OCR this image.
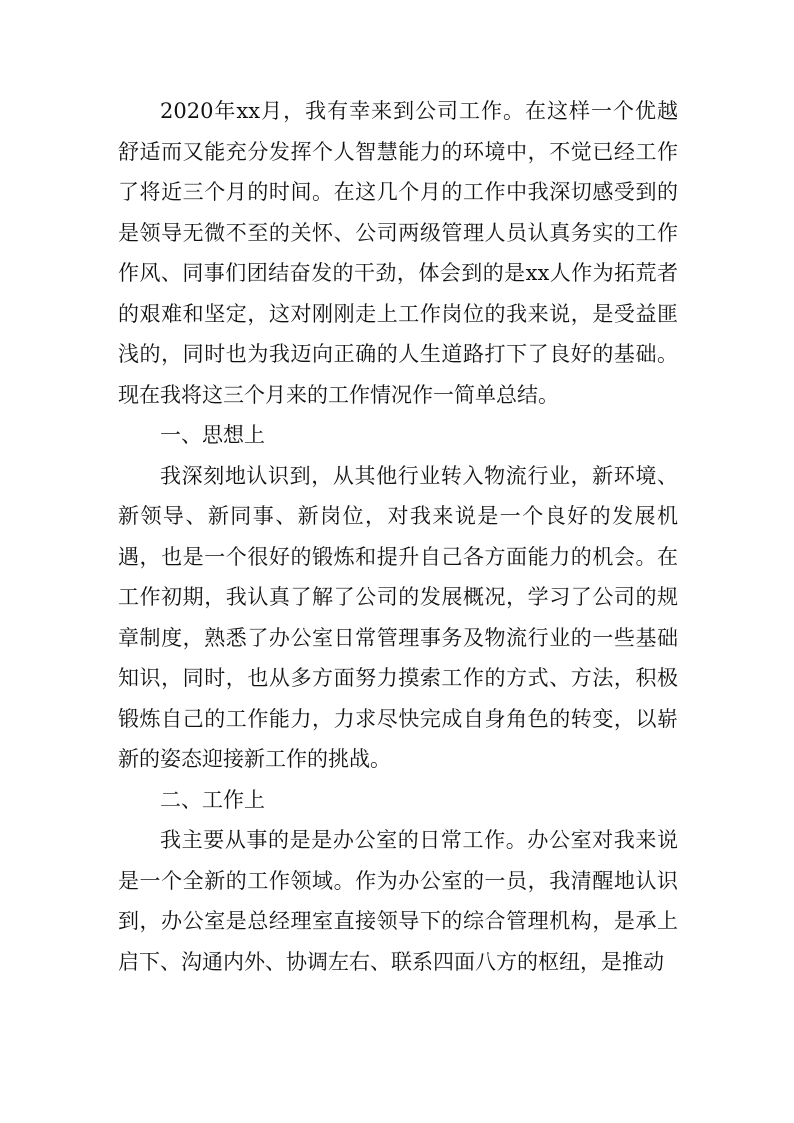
2020年xx月，我有幸来到公司工作。在这样一个优越舒适而又能充分发挥个人智慧能力的环境中，不觉已经工作了将近三个月的时间。在这几个月的工作中我深切感受到的是领导无微不至的关怀、公司两级管理人员认真务实的工作作风、同事们团结奋发的干劲，体会到的是xx人作为拓荒者的艰难和坚定，这对刚刚走上工作岗位的我来说，是受益匪浅的，同时也为我迈向正确的人生道路打下了良好的基础。现在我将这三个月来的工作情况作一简单总结。

一、思想上

我深刻地认识到，从其他行业转入物流行业，新环境、新领导、新同事、新岗位，对我来说是一个良好的发展机遇，也是一个很好的锻炼和提升自己各方面能力的机会。在工作初期，我认真了解了公司的发展概况，学习了公司的规章制度，熟悉了办公室日常管理事务及物流行业的一些基础知识，同时，也从多方面努力摸索工作的方式、方法，积极锻炼自己的工作能力，力求尽快完成自身角色的转变，以崭新的姿态迎接新工作的挑战。

二、工作上

我主要从事的是是办公室的日常工作。办公室对我来说是一个全新的工作领域。作为办公室的一员，我清醒地认识到，办公室是总经理室直接领导下的综合管理机构，是承上启下、沟通内外、协调左右、联系四面八方的枢纽，是推动
